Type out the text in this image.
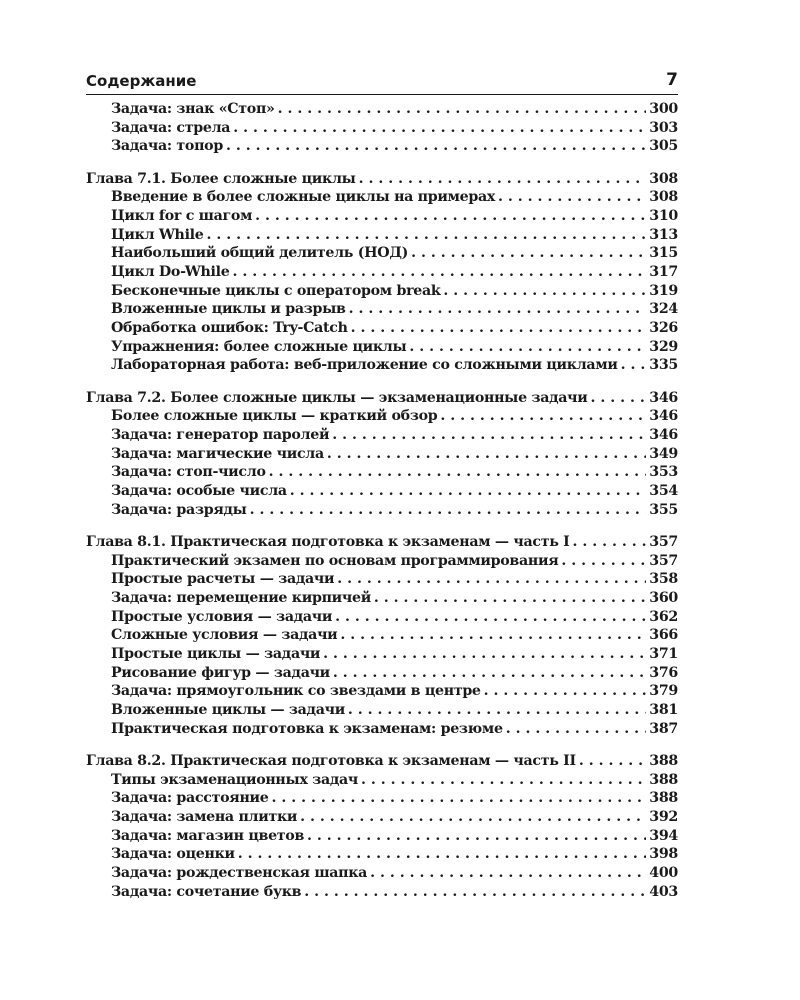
Содержание	7
Задача: знак «Стоп» . . .	300
Задача: стрела . . .	303
Задача: топор . . .	305
Глава 7.1. Более сложные циклы . . .	308
Введение в более сложные циклы на примерах . . .	308
Цикл for с шагом . . .	310
Цикл While . . .	313
Наибольший общий делитель (НОД) . . .	315
Цикл Do-While . . .	317
Бесконечные циклы с оператором break . . .	319
Вложенные циклы и разрыв . . .	324
Обработка ошибок: Try-Catch . . .	326
Упражнения: более сложные циклы . . .	329
Лабораторная работа: веб-приложение со сложными циклами . . . 335
Глава 7.2. Более сложные циклы — экзаменационные задачи . . .	346
Более сложные циклы — краткий обзор . . .	346
Задача: генератор паролей . . .	346
Задача: магические числа . . .	349
Задача: стоп-число . . .	353
Задача: особые числа . . .	354
Задача: разряды . . .	355
Глава 8.1. Практическая подготовка к экзаменам — часть I . . .	357
Практический экзамен по основам программирования . . .	357
Простые расчеты — задачи . . .	358
Задача: перемещение кирпичей . . .	360
Простые условия — задачи . . .	362
Сложные условия — задачи . . .	366
Простые циклы — задачи . . .	371
Рисование фигур — задачи . . .	376
Задача: прямоугольник со звездами в центре . . .	379
Вложенные циклы — задачи . . .	381
Практическая подготовка к экзаменам: резюме . . .	387
Глава 8.2. Практическая подготовка к экзаменам — часть II . . .	388
Типы экзаменационных задач . . .	388
Задача: расстояние . . .	388
Задача: замена плитки . . .	392
Задача: магазин цветов . . .	394
Задача: оценки . . .	398
Задача: рождественская шапка . . .	400
Задача: сочетание букв . . .	403
